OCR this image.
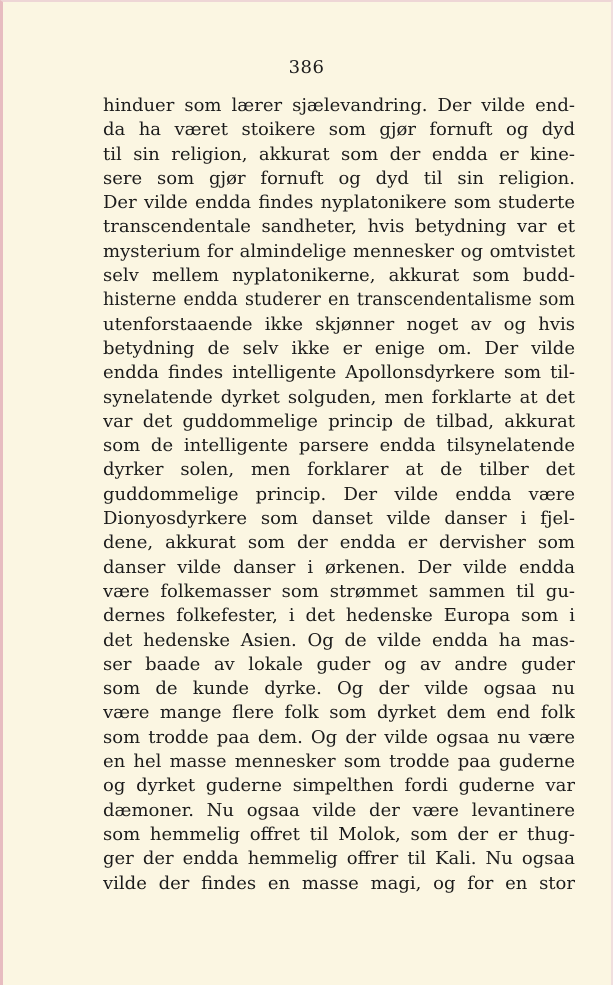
386
hinduer som lærer sjælevandring. Der vilde end-
da ha været stoikere som gjør fornuft og dyd
til sin religion, akkurat som der endda er kine-
sere som gjør fornuft og dyd til sin religion.
Der vilde endda findes nyplatonikere som studerte
transcendentale sandheter, hvis betydning var et
mysterium for almindelige mennesker og omtvistet
selv mellem nyplatonikerne, akkurat som budd-
histerne endda studerer en transcendentalisme som
utenforstaaende ikke skjønner noget av og hvis
betydning de selv ikke er enige om. Der vilde
endda findes intelligente Apollonsdyrkere som til-
synelatende dyrket solguden, men forklarte at det
var det guddommelige princip de tilbad, akkurat
som de intelligente parsere endda tilsynelatende
dyrker solen, men forklarer at de tilber det
guddommelige princip. Der vilde endda være
Dionyosdyrkere som danset vilde danser i fjel-
dene, akkurat som der endda er dervisher som
danser vilde danser i ørkenen. Der vilde endda
være folkemasser som strømmet sammen til gu-
dernes folkefester, i det hedenske Europa som i
det hedenske Asien. Og de vilde endda ha mas-
ser baade av lokale guder og av andre guder
som de kunde dyrke. Og der vilde ogsaa nu
være mange flere folk som dyrket dem end folk
som trodde paa dem. Og der vilde ogsaa nu være
en hel masse mennesker som trodde paa guderne
og dyrket guderne simpelthen fordi guderne var
dæmoner. Nu ogsaa vilde der være levantinere
som hemmelig offret til Molok, som der er thug-
ger der endda hemmelig offrer til Kali. Nu ogsaa
vilde der findes en masse magi, og for en stor
